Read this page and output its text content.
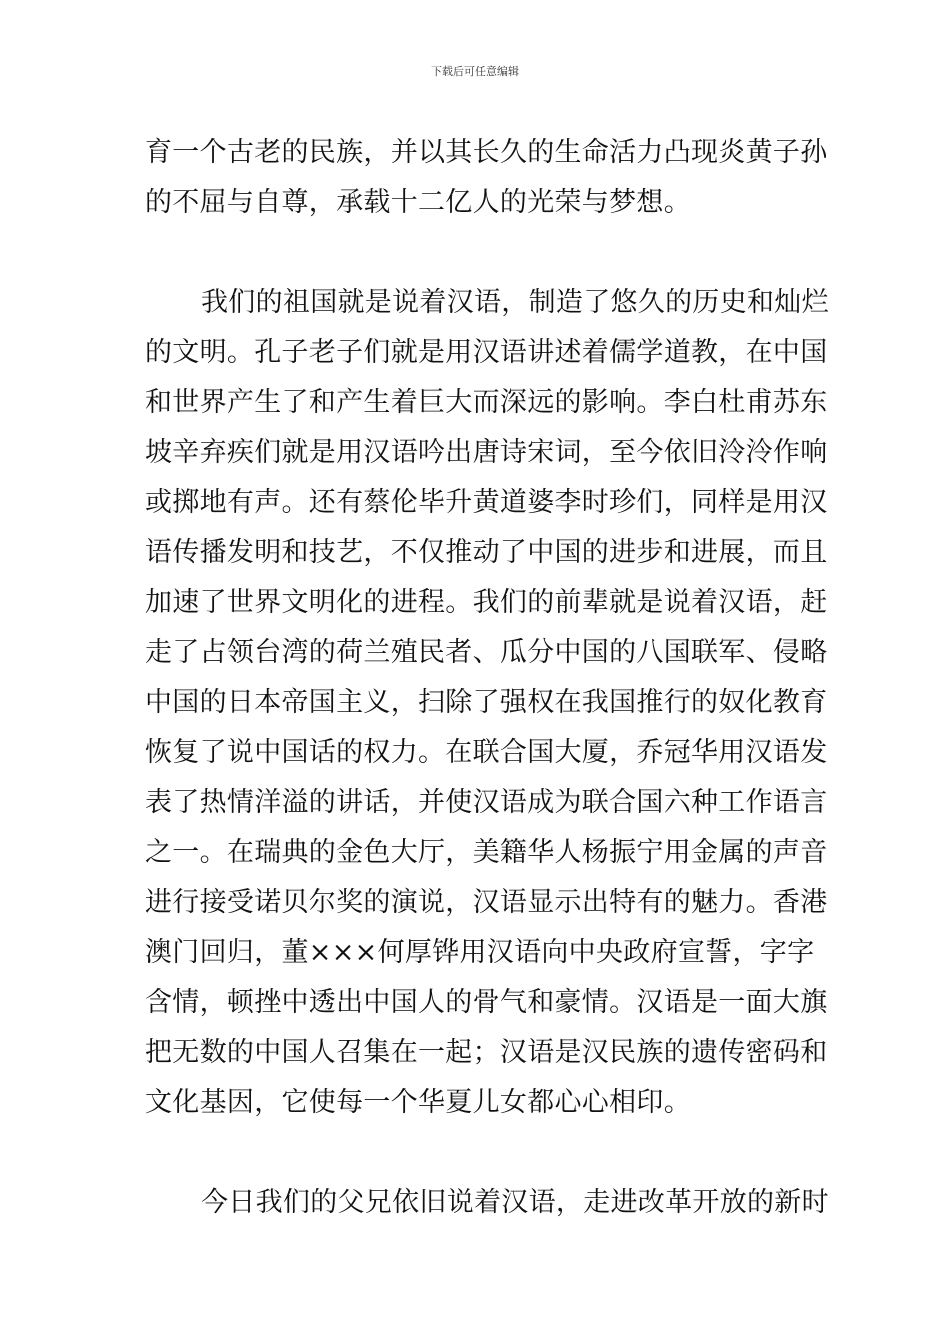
下载后可任意编辑
育一个古老的民族，并以其长久的生命活力凸现炎黄子孙
的不屈与自尊，承载十二亿人的光荣与梦想。
我们的祖国就是说着汉语，制造了悠久的历史和灿烂
的文明。孔子老子们就是用汉语讲述着儒学道教，在中国
和世界产生了和产生着巨大而深远的影响。李白杜甫苏东
坡辛弃疾们就是用汉语吟出唐诗宋词，至今依旧泠泠作响
或掷地有声。还有蔡伦毕升黄道婆李时珍们，同样是用汉
语传播发明和技艺，不仅推动了中国的进步和进展，而且
加速了世界文明化的进程。我们的前辈就是说着汉语，赶
走了占领台湾的荷兰殖民者、瓜分中国的八国联军、侵略
中国的日本帝国主义，扫除了强权在我国推行的奴化教育
恢复了说中国话的权力。在联合国大厦，乔冠华用汉语发
表了热情洋溢的讲话，并使汉语成为联合国六种工作语言
之一。在瑞典的金色大厅，美籍华人杨振宁用金属的声音
进行接受诺贝尔奖的演说，汉语显示出特有的魅力。香港
澳门回归，董×××何厚铧用汉语向中央政府宣誓，字字
含情，顿挫中透出中国人的骨气和豪情。汉语是一面大旗
把无数的中国人召集在一起；汉语是汉民族的遗传密码和
文化基因，它使每一个华夏儿女都心心相印。
今日我们的父兄依旧说着汉语，走进改革开放的新时
